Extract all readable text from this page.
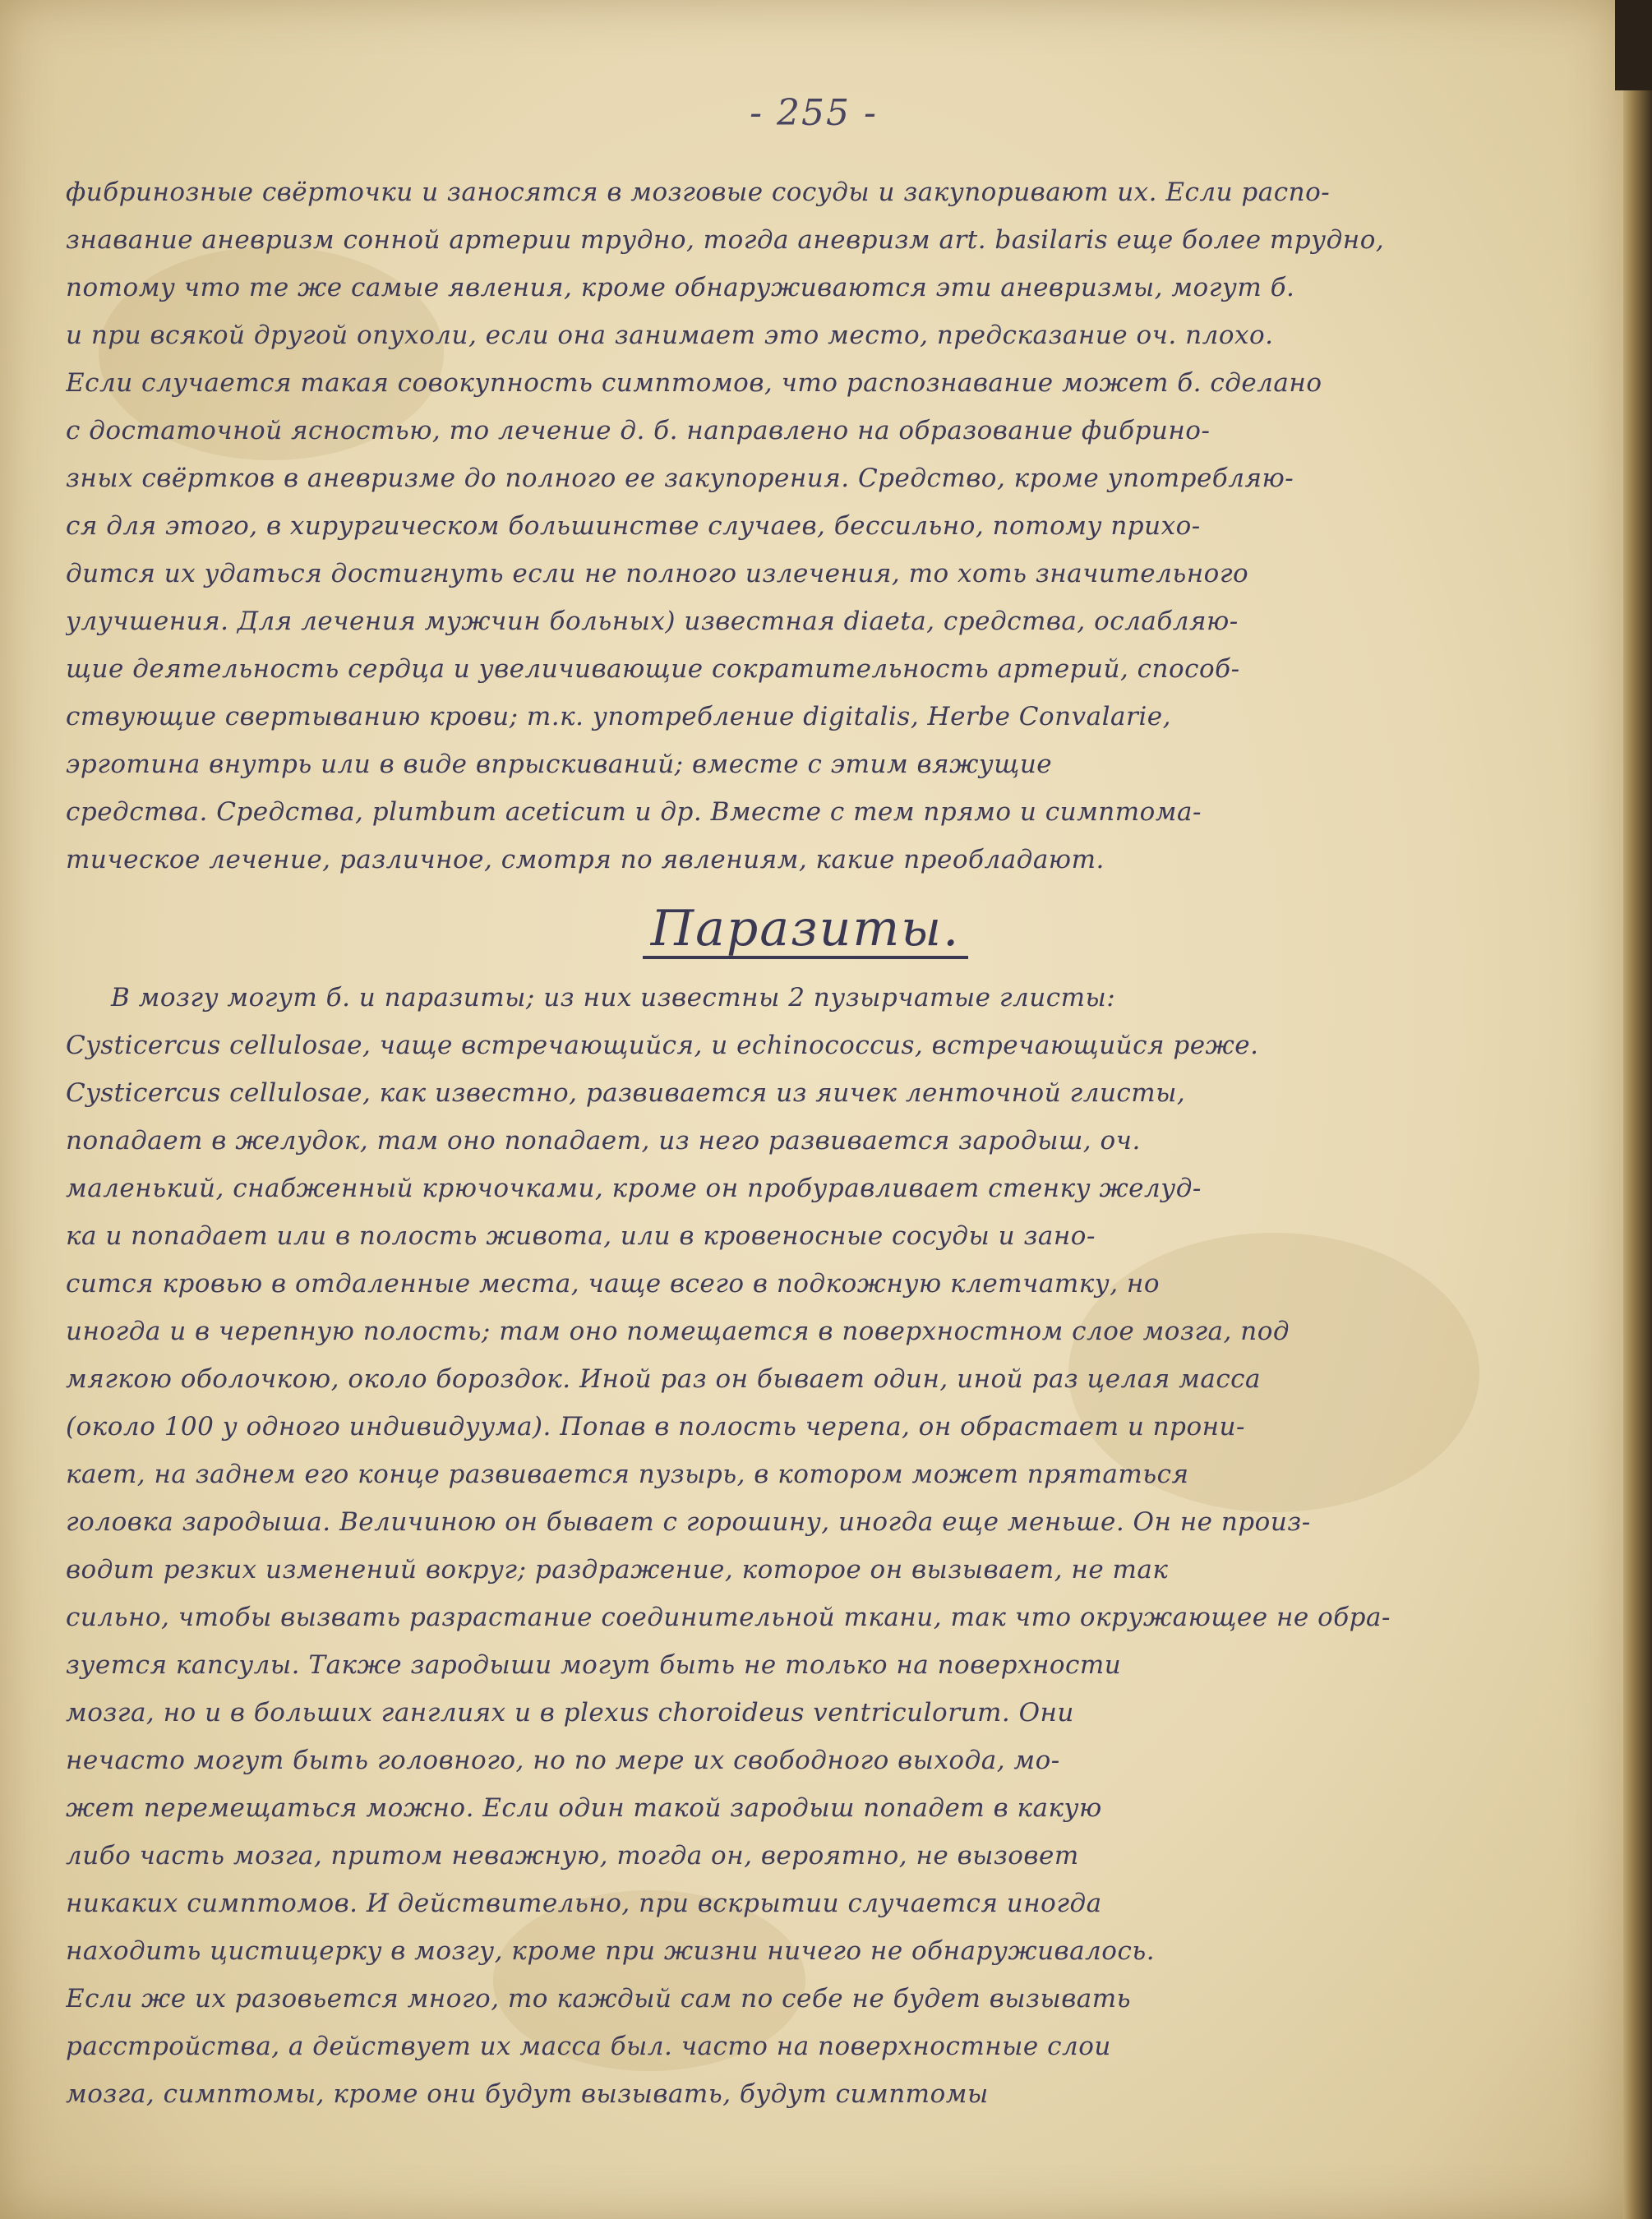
- 255 -
фибринозные свёрточки и заносятся в мозговые сосуды и закупоривают их. Если распо-
знавание аневризм сонной артерии трудно, тогда аневризм art. basilaris еще более трудно,
потому что те же самые явления, кроме обнаруживаются эти аневризмы, могут б.
и при всякой другой опухоли, если она занимает это место, предсказание оч. плохо.
Если случается такая совокупность симптомов, что распознавание может б. сделано
с достаточной ясностью, то лечение д. б. направлено на образование фибрино-
зных свёртков в аневризме до полного ее закупорения. Средство, кроме употребляю-
ся для этого, в хирургическом большинстве случаев, бессильно, потому прихо-
дится их удаться достигнуть если не полного излечения, то хоть значительного
улучшения. Для лечения мужчин больных) известная diaeta, средства, ослабляю-
щие деятельность сердца и увеличивающие сократительность артерий, способ-
ствующие свертыванию крови; т.к. употребление digitalis, Herbe Convalarie,
эрготина внутрь или в виде впрыскиваний; вместе с этим вяжущие
средства. Средства, plumbum aceticum и др. Вместе с тем прямо и симптома-
тическое лечение, различное, смотря по явлениям, какие преобладают.
Паразиты.
В мозгу могут б. и паразиты; из них известны 2 пузырчатые глисты:
Cysticercus cellulosae, чаще встречающийся, и echinococcus, встречающийся реже.
Cysticercus cellulosae, как известно, развивается из яичек ленточной глисты,
попадает в желудок, там оно попадает, из него развивается зародыш, оч.
маленький, снабженный крючочками, кроме он пробуравливает стенку желуд-
ка и попадает или в полость живота, или в кровеносные сосуды и зано-
сится кровью в отдаленные места, чаще всего в подкожную клетчатку, но
иногда и в черепную полость; там оно помещается в поверхностном слое мозга, под
мягкою оболочкою, около бороздок. Иной раз он бывает один, иной раз целая масса
(около 100 у одного индивидуума). Попав в полость черепа, он обрастает и прони-
кает, на заднем его конце развивается пузырь, в котором может прятаться
головка зародыша. Величиною он бывает с горошину, иногда еще меньше. Он не произ-
водит резких изменений вокруг; раздражение, которое он вызывает, не так
сильно, чтобы вызвать разрастание соединительной ткани, так что окружающее не обра-
зуется капсулы. Также зародыши могут быть не только на поверхности
мозга, но и в больших ганглиях и в plexus choroideus ventriculorum. Они
нечасто могут быть головного, но по мере их свободного выхода, мо-
жет перемещаться можно. Если один такой зародыш попадет в какую
либо часть мозга, притом неважную, тогда он, вероятно, не вызовет
никаких симптомов. И действительно, при вскрытии случается иногда
находить цистицерку в мозгу, кроме при жизни ничего не обнаруживалось.
Если же их разовьется много, то каждый сам по себе не будет вызывать
расстройства, а действует их масса был. часто на поверхностные слои
мозга, симптомы, кроме они будут вызывать, будут симптомы
